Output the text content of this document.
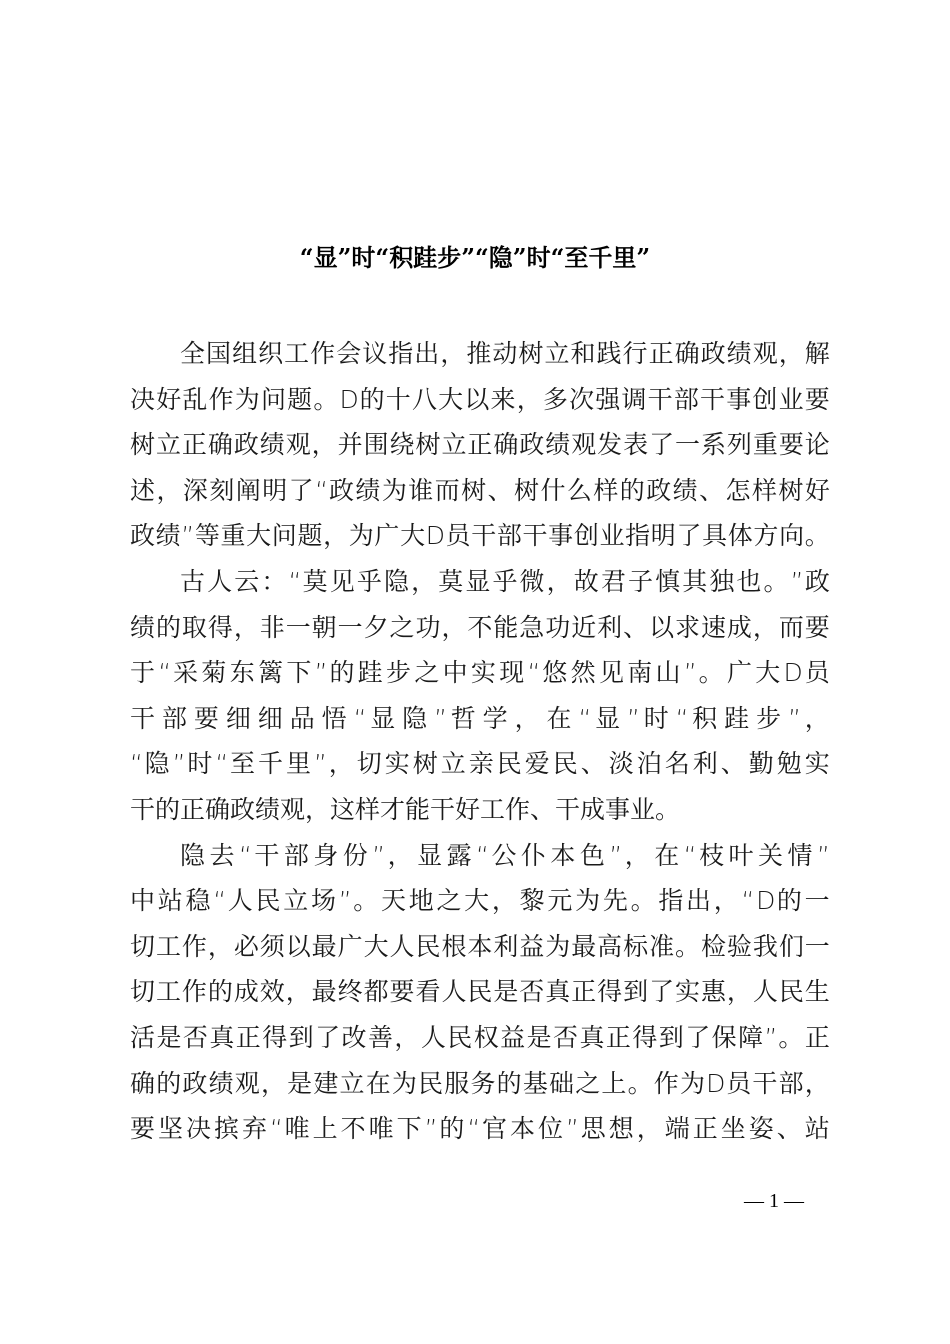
“显”时“积跬步”“隐”时“至千里”
全 国 组 织 工 作 会 议 指 出 ， 推 动 树 立 和 践 行 正 确 政 绩 观 ， 解
决 好 乱 作 为 问 题 。 D 的 十 八 大 以 来 ， 多 次 强 调 干 部 干 事 创 业 要
树 立 正 确 政 绩 观 ， 并 围 绕 树 立 正 确 政 绩 观 发 表 了 一 系 列 重 要 论
述 ， 深 刻 阐 明 了 “ 政 绩 为 谁 而 树 、 树 什 么 样 的 政 绩 、 怎 样 树 好
政 绩 ” 等 重 大 问 题 ， 为 广 大 D 员 干 部 干 事 创 业 指 明 了 具 体 方 向 。
古 人 云 ： “ 莫 见 乎 隐 ， 莫 显 乎 微 ， 故 君 子 慎 其 独 也 。 ” 政
绩 的 取 得 ， 非 一 朝 一 夕 之 功 ， 不 能 急 功 近 利 、 以 求 速 成 ， 而 要
于 “ 采 菊 东 篱 下 ” 的 跬 步 之 中 实 现 “ 悠 然 见 南 山 ” 。 广 大 D 员
干 部 要 细 细 品 悟 “ 显 隐 ” 哲 学 ， 在 “ 显 ” 时 “ 积 跬 步 ” ，
“ 隐 ” 时 “ 至 千 里 ” ， 切 实 树 立 亲 民 爱 民 、 淡 泊 名 利 、 勤 勉 实
干的正确政绩观，这样才能干好工作、干成事业。
隐 去 “ 干 部 身 份 ” ， 显 露 “ 公 仆 本 色 ” ， 在 “ 枝 叶 关 情 ”
中 站 稳 “ 人 民 立 场 ” 。 天 地 之 大 ， 黎 元 为 先 。 指 出 ， “ D 的 一
切 工 作 ， 必 须 以 最 广 大 人 民 根 本 利 益 为 最 高 标 准 。 检 验 我 们 一
切 工 作 的 成 效 ， 最 终 都 要 看 人 民 是 否 真 正 得 到 了 实 惠 ， 人 民 生
活 是 否 真 正 得 到 了 改 善 ， 人 民 权 益 是 否 真 正 得 到 了 保 障 ” 。 正
确 的 政 绩 观 ， 是 建 立 在 为 民 服 务 的 基 础 之 上 。 作 为 D 员 干 部 ，
要 坚 决 摈 弃 “ 唯 上 不 唯 下 ” 的 “ 官 本 位 ” 思 想 ， 端 正 坐 姿 、 站
— 1 —
